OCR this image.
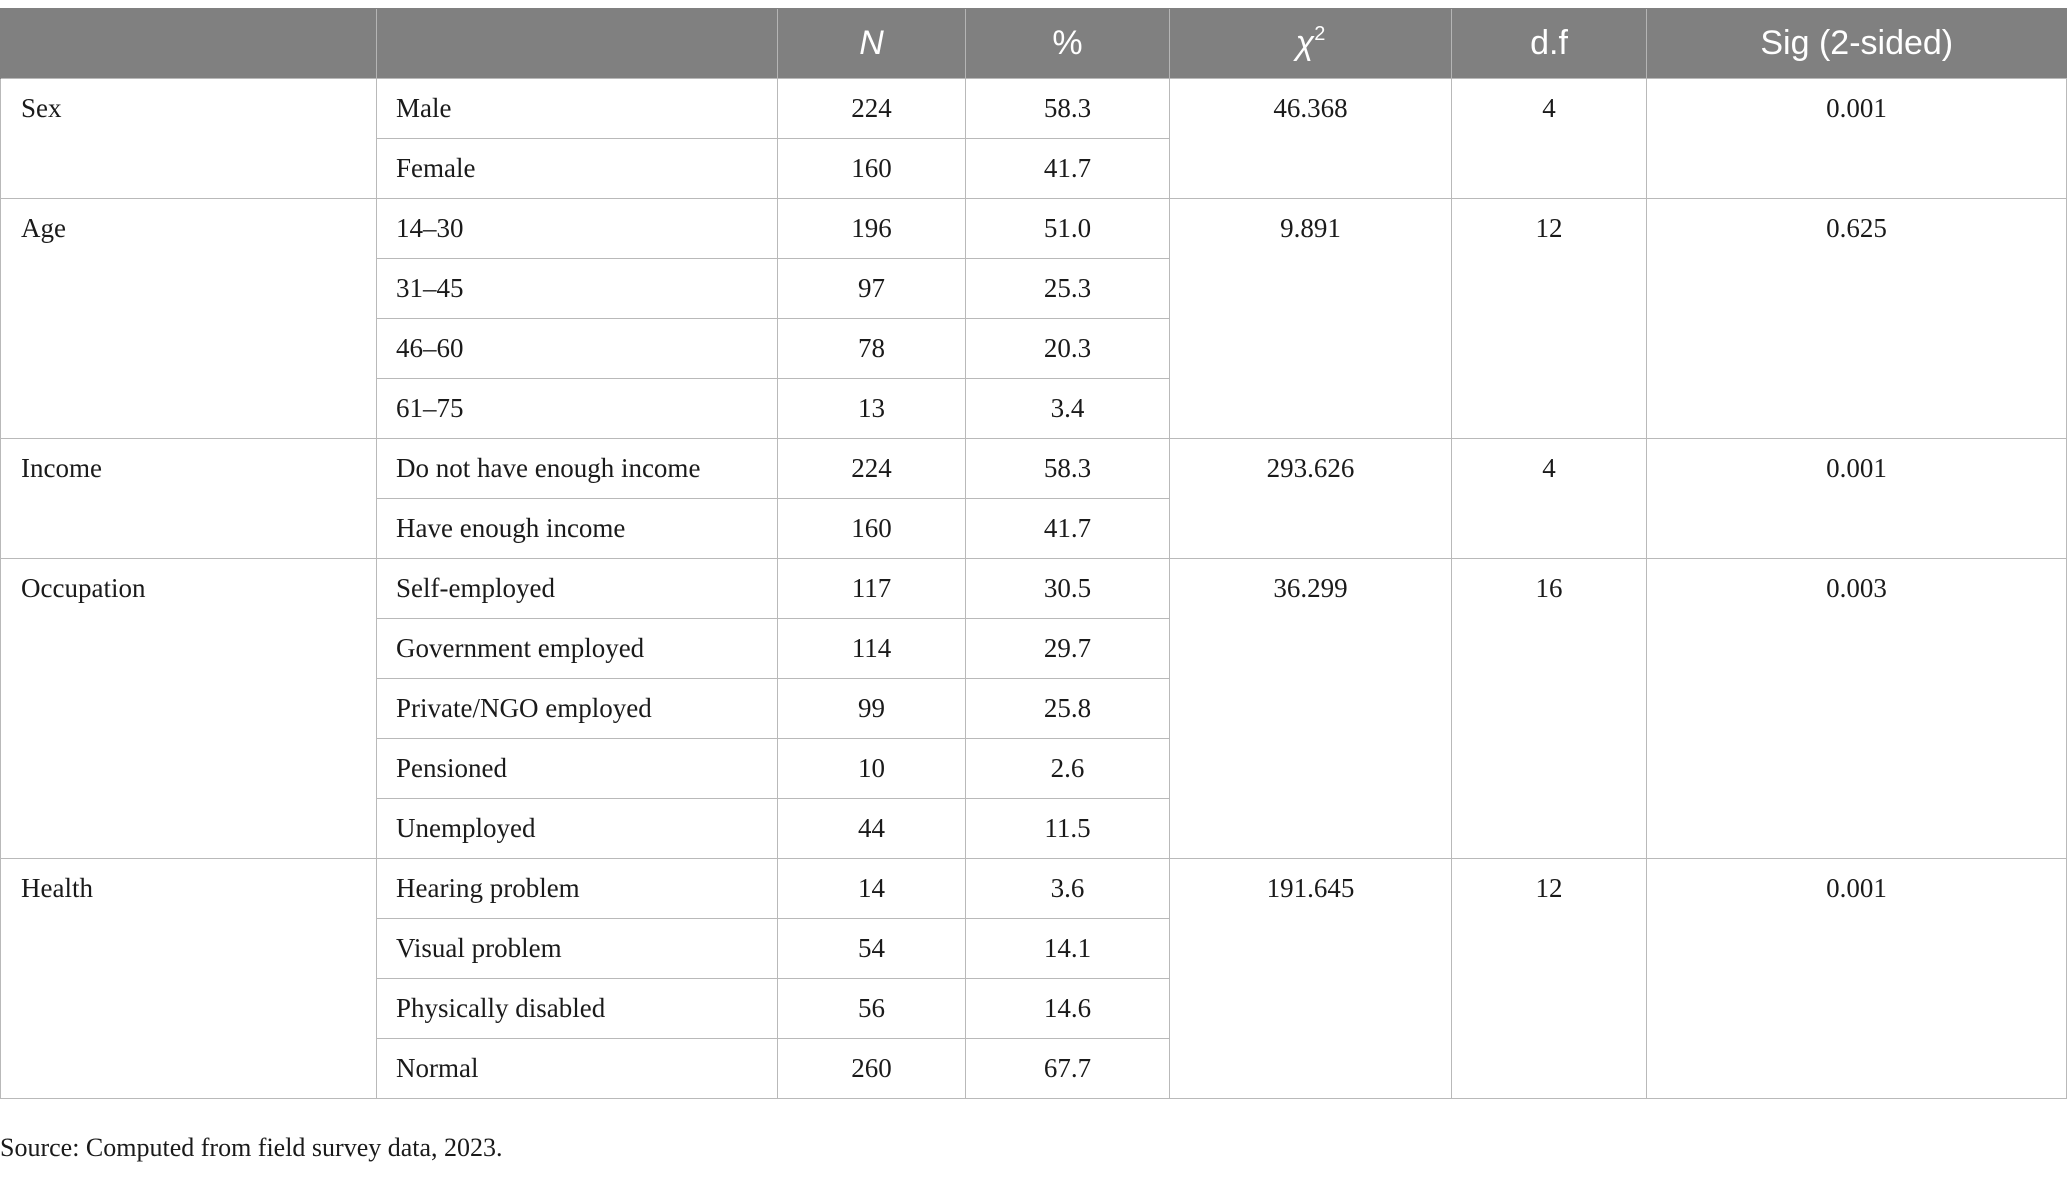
		N	%	$\chi^2$	d.f	Sig (2-sided)
Sex	Male	224	58.3	46.368	4	0.001
	Female	160	41.7			
Age	14–30	196	51.0	9.891	12	0.625
	31–45	97	25.3			
	46–60	78	20.3			
	61–75	13	3.4			
Income	Do not have enough income	224	58.3	293.626	4	0.001
	Have enough income	160	41.7			
Occupation	Self-employed	117	30.5	36.299	16	0.003
	Government employed	114	29.7			
	Private/NGO employed	99	25.8			
	Pensioned	10	2.6			
	Unemployed	44	11.5			
Health	Hearing problem	14	3.6	191.645	12	0.001
	Visual problem	54	14.1			
	Physically disabled	56	14.6			
	Normal	260	67.7			
Source: Computed from field survey data, 2023.
